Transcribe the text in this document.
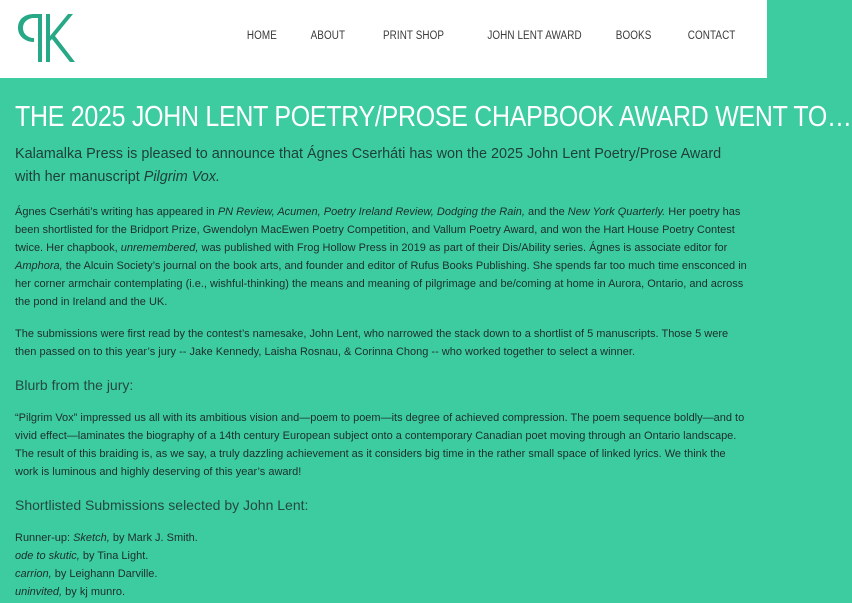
HOME	ABOUT	PRINT SHOP	JOHN LENT AWARD	BOOKS	CONTACT
THE 2025 JOHN LENT POETRY/PROSE CHAPBOOK AWARD WENT TO…

Kalamalka Press is pleased to announce that Ágnes Cserháti has won the 2025 John Lent Poetry/Prose Award with her manuscript Pilgrim Vox.

Ágnes Cserháti’s writing has appeared in PN Review, Acumen, Poetry Ireland Review, Dodging the Rain, and the New York Quarterly. Her poetry has been shortlisted for the Bridport Prize, Gwendolyn MacEwen Poetry Competition, and Vallum Poetry Award, and won the Hart House Poetry Contest twice. Her chapbook, unremembered, was published with Frog Hollow Press in 2019 as part of their Dis/Ability series. Ágnes is associate editor for Amphora, the Alcuin Society’s journal on the book arts, and founder and editor of Rufus Books Publishing. She spends far too much time ensconced in her corner armchair contemplating (i.e., wishful-thinking) the means and meaning of pilgrimage and be/coming at home in Aurora, Ontario, and across the pond in Ireland and the UK.

The submissions were first read by the contest’s namesake, John Lent, who narrowed the stack down to a shortlist of 5 manuscripts. Those 5 were then passed on to this year’s jury -- Jake Kennedy, Laisha Rosnau, & Corinna Chong -- who worked together to select a winner.

Blurb from the jury:

“Pilgrim Vox” impressed us all with its ambitious vision and—poem to poem—its degree of achieved compression. The poem sequence boldly—and to vivid effect—laminates the biography of a 14th century European subject onto a contemporary Canadian poet moving through an Ontario landscape. The result of this braiding is, as we say, a truly dazzling achievement as it considers big time in the rather small space of linked lyrics. We think the work is luminous and highly deserving of this year’s award!

Shortlisted Submissions selected by John Lent:
Runner-up: Sketch, by Mark J. Smith.
ode to skutic, by Tina Light.
carrion, by Leighann Darville.
uninvited, by kj munro.
